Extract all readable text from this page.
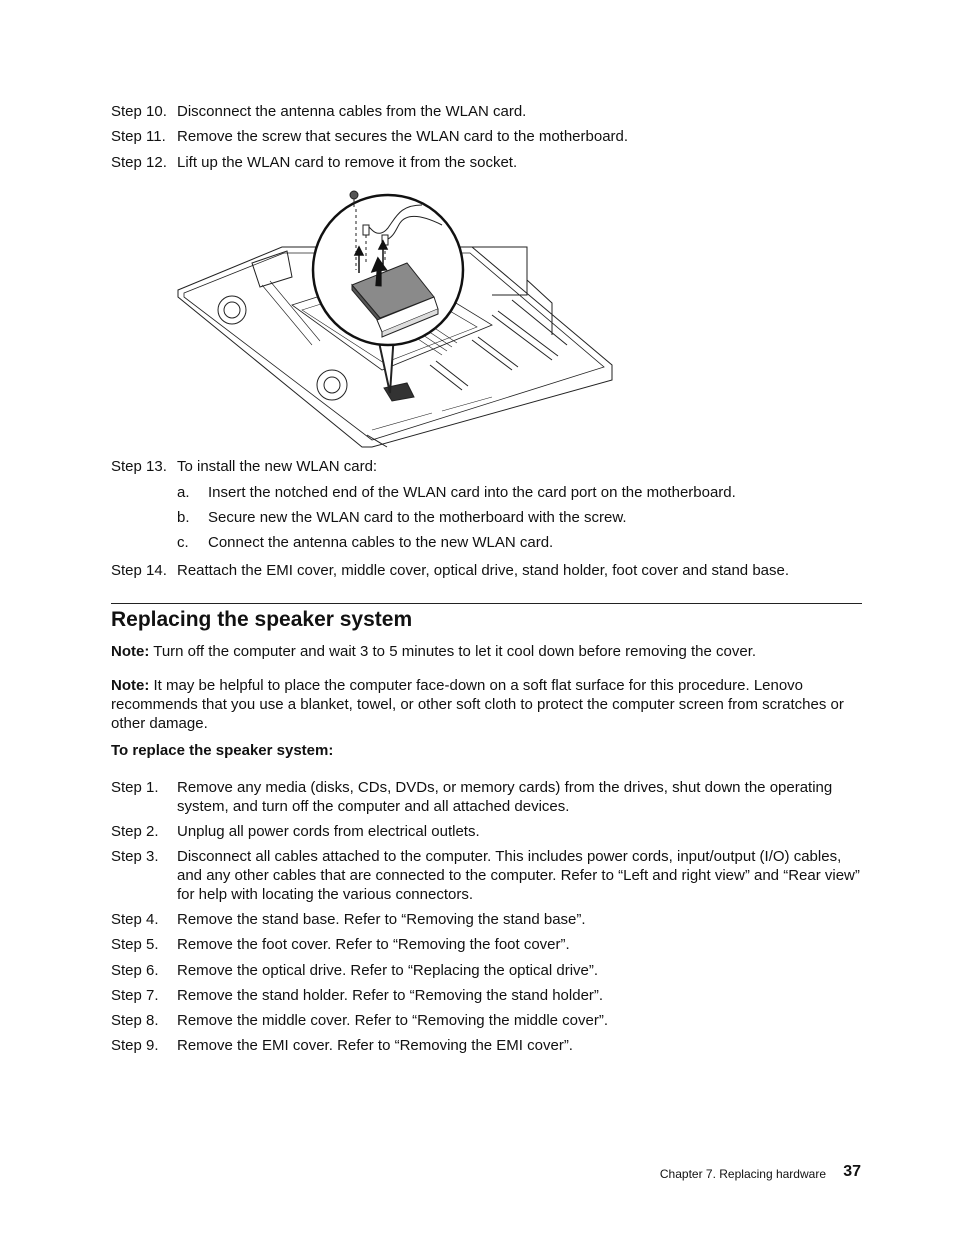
Step 10. Disconnect the antenna cables from the WLAN card.
Step 11. Remove the screw that secures the WLAN card to the motherboard.
Step 12. Lift up the WLAN card to remove it from the socket.
Step 13. To install the new WLAN card:
a. Insert the notched end of the WLAN card into the card port on the motherboard.
b. Secure new the WLAN card to the motherboard with the screw.
c. Connect the antenna cables to the new WLAN card.
Step 14. Reattach the EMI cover, middle cover, optical drive, stand holder, foot cover and stand base.
Replacing the speaker system
Note: Turn off the computer and wait 3 to 5 minutes to let it cool down before removing the cover.
Note: It may be helpful to place the computer face-down on a soft flat surface for this procedure. Lenovo recommends that you use a blanket, towel, or other soft cloth to protect the computer screen from scratches or other damage.
To replace the speaker system:
Step 1. Remove any media (disks, CDs, DVDs, or memory cards) from the drives, shut down the operating system, and turn off the computer and all attached devices.
Step 2. Unplug all power cords from electrical outlets.
Step 3. Disconnect all cables attached to the computer. This includes power cords, input/output (I/O) cables, and any other cables that are connected to the computer. Refer to “Left and right view” and “Rear view” for help with locating the various connectors.
Step 4. Remove the stand base. Refer to “Removing the stand base”.
Step 5. Remove the foot cover. Refer to “Removing the foot cover”.
Step 6. Remove the optical drive. Refer to “Replacing the optical drive”.
Step 7. Remove the stand holder. Refer to “Removing the stand holder”.
Step 8. Remove the middle cover. Refer to “Removing the middle cover”.
Step 9. Remove the EMI cover. Refer to “Removing the EMI cover”.
Chapter 7. Replacing hardware 37
